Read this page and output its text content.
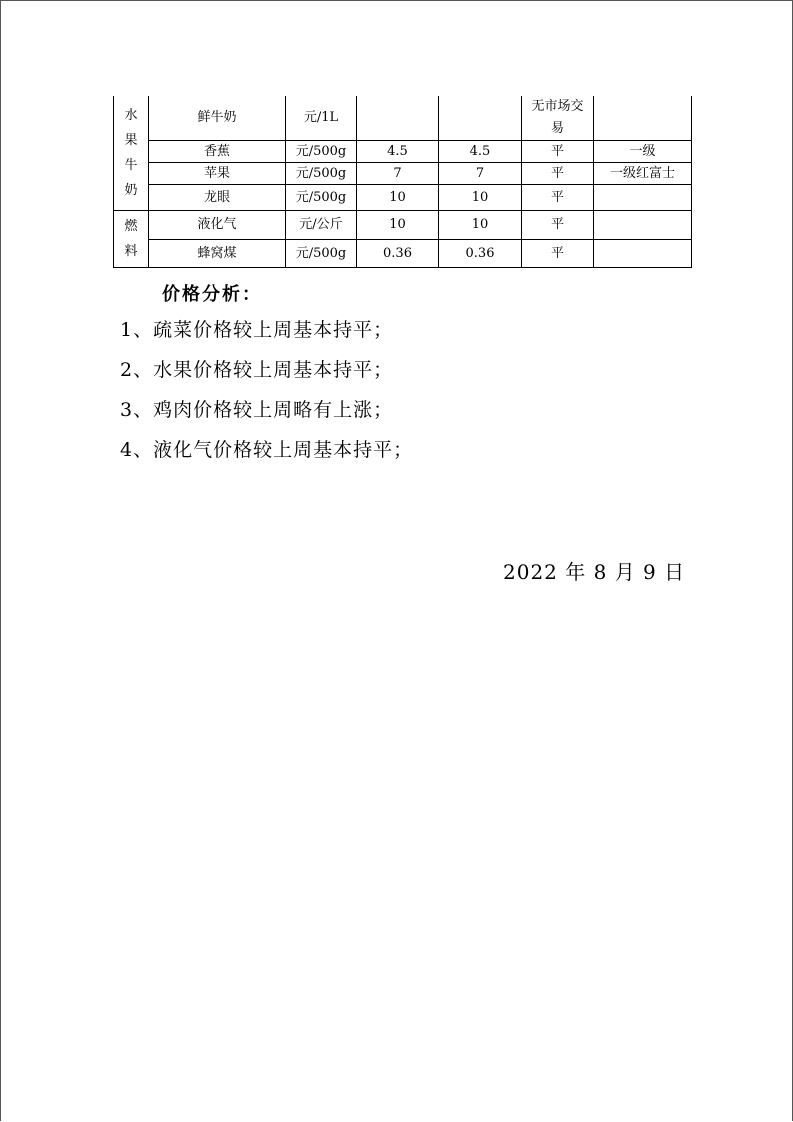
水
果
牛
奶	鲜牛奶	元/1L			无市场交易	
	香蕉	元/500g	4.5	4.5	平	一级
	苹果	元/500g	7	7	平	一级红富士
	龙眼	元/500g	10	10	平	

燃
料	液化气	元/公斤	10	10	平	
	蜂窝煤	元/500g	0.36	0.36	平	
价格分析：
1、疏菜价格较上周基本持平；
2、水果价格较上周基本持平；
3、鸡肉价格较上周略有上涨；
4、液化气价格较上周基本持平；
2022 年 8 月 9 日
